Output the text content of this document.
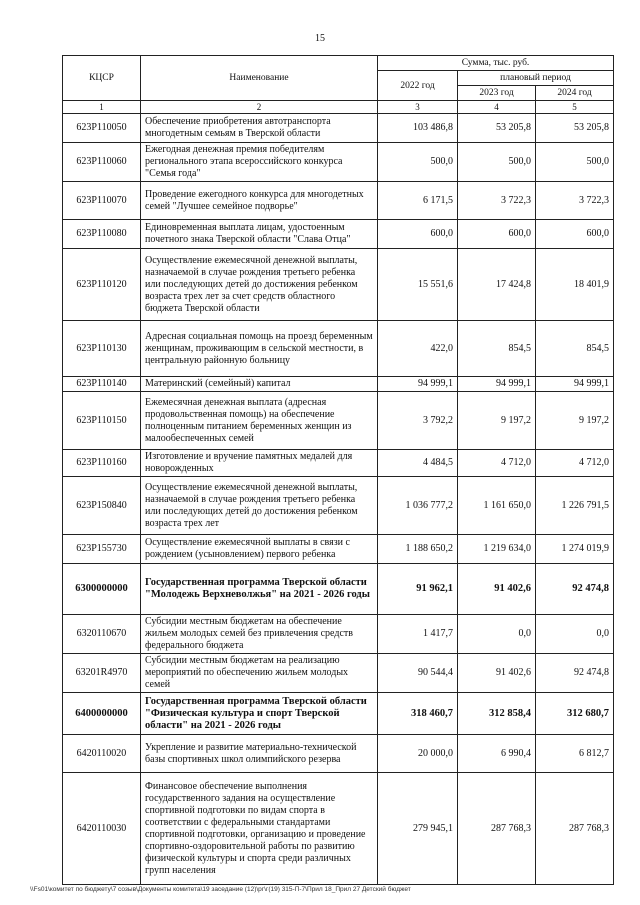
15
КЦСР	Наименование	Сумма, тыс. руб.		
		2022 год	плановый период	
			2023 год	2024 год
1	2	3	4	5
623Р110050	Обеспечение приобретения автотранспорта многодетным семьям в Тверской области	103 486,8	53 205,8	53 205,8
623Р110060	Ежегодная денежная премия победителям регионального этапа всероссийского конкурса "Семья года"	500,0	500,0	500,0
623Р110070	Проведение ежегодного конкурса для многодетных семей "Лучшее семейное подворье"	6 171,5	3 722,3	3 722,3
623Р110080	Единовременная выплата лицам, удостоенным почетного знака Тверской области "Слава Отца"	600,0	600,0	600,0
623Р110120	Осуществление ежемесячной денежной выплаты, назначаемой в случае рождения третьего ребенка или последующих детей до достижения ребенком возраста трех лет за счет средств областного бюджета Тверской области	15 551,6	17 424,8	18 401,9
623Р110130	Адресная социальная помощь на проезд беременным женщинам, проживающим в сельской местности, в центральную районную больницу	422,0	854,5	854,5
623Р110140	Материнский (семейный) капитал	94 999,1	94 999,1	94 999,1
623Р110150	Ежемесячная денежная выплата (адресная продовольственная помощь) на обеспечение полноценным питанием беременных женщин из малообеспеченных семей	3 792,2	9 197,2	9 197,2
623Р110160	Изготовление и вручение памятных медалей для новорожденных	4 484,5	4 712,0	4 712,0
623Р150840	Осуществление ежемесячной денежной выплаты, назначаемой в случае рождения третьего ребенка или последующих детей до достижения ребенком возраста трех лет	1 036 777,2	1 161 650,0	1 226 791,5
623Р155730	Осуществление ежемесячной выплаты в связи с рождением (усыновлением) первого ребенка	1 188 650,2	1 219 634,0	1 274 019,9
6300000000	Государственная программа Тверской области "Молодежь Верхневолжья" на 2021 - 2026 годы	91 962,1	91 402,6	92 474,8
6320110670	Субсидии местным бюджетам на обеспечение жильем молодых семей без привлечения средств федерального бюджета	1 417,7	0,0	0,0
63201R4970	Субсидии местным бюджетам на реализацию мероприятий по обеспечению жильем молодых семей	90 544,4	91 402,6	92 474,8
6400000000	Государственная программа Тверской области "Физическая культура и спорт Тверской области" на 2021 - 2026 годы	318 460,7	312 858,4	312 680,7
6420110020	Укрепление и развитие материально-технической базы спортивных школ олимпийского резерва	20 000,0	6 990,4	6 812,7
6420110030	Финансовое обеспечение выполнения государственного задания на осуществление спортивной подготовки по видам спорта в соответствии с федеральными стандартами спортивной подготовки, организацию и проведение спортивно-оздоровительной работы по развитию физической культуры и спорта среди различных групп населения	279 945,1	287 768,3	287 768,3
\\Fs01\комитет по бюджету\7 созыв\Документы комитета\19 заседание (12)\рг\г(19) 315-П-7\Прил 18_Прил 27 Детский бюджет
